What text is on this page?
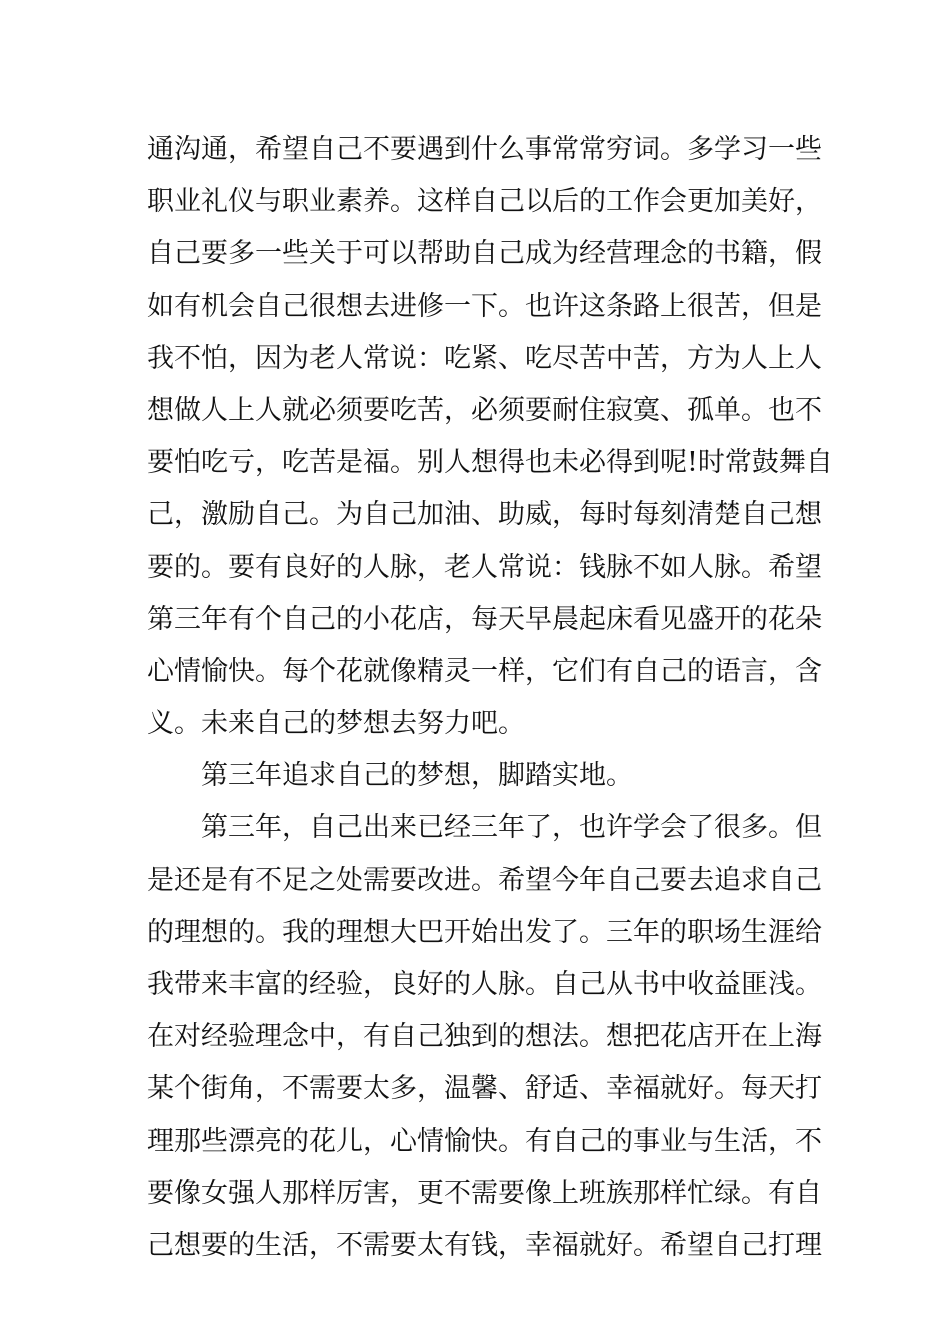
通沟通，希望自己不要遇到什么事常常穷词。多学习一些
职业礼仪与职业素养。这样自己以后的工作会更加美好，
自己要多一些关于可以帮助自己成为经营理念的书籍，假
如有机会自己很想去进修一下。也许这条路上很苦，但是
我不怕，因为老人常说：吃紧、吃尽苦中苦，方为人上人
想做人上人就必须要吃苦，必须要耐住寂寞、孤单。也不
要怕吃亏，吃苦是福。别人想得也未必得到呢!时常鼓舞自
己，激励自己。为自己加油、助威，每时每刻清楚自己想
要的。要有良好的人脉，老人常说：钱脉不如人脉。希望
第三年有个自己的小花店，每天早晨起床看见盛开的花朵
心情愉快。每个花就像精灵一样，它们有自己的语言，含
义。未来自己的梦想去努力吧。
第三年追求自己的梦想，脚踏实地。
第三年，自己出来已经三年了，也许学会了很多。但
是还是有不足之处需要改进。希望今年自己要去追求自己
的理想的。我的理想大巴开始出发了。三年的职场生涯给
我带来丰富的经验，良好的人脉。自己从书中收益匪浅。
在对经验理念中，有自己独到的想法。想把花店开在上海
某个街角，不需要太多，温馨、舒适、幸福就好。每天打
理那些漂亮的花儿，心情愉快。有自己的事业与生活，不
要像女强人那样厉害，更不需要像上班族那样忙绿。有自
己想要的生活，不需要太有钱，幸福就好。希望自己打理
